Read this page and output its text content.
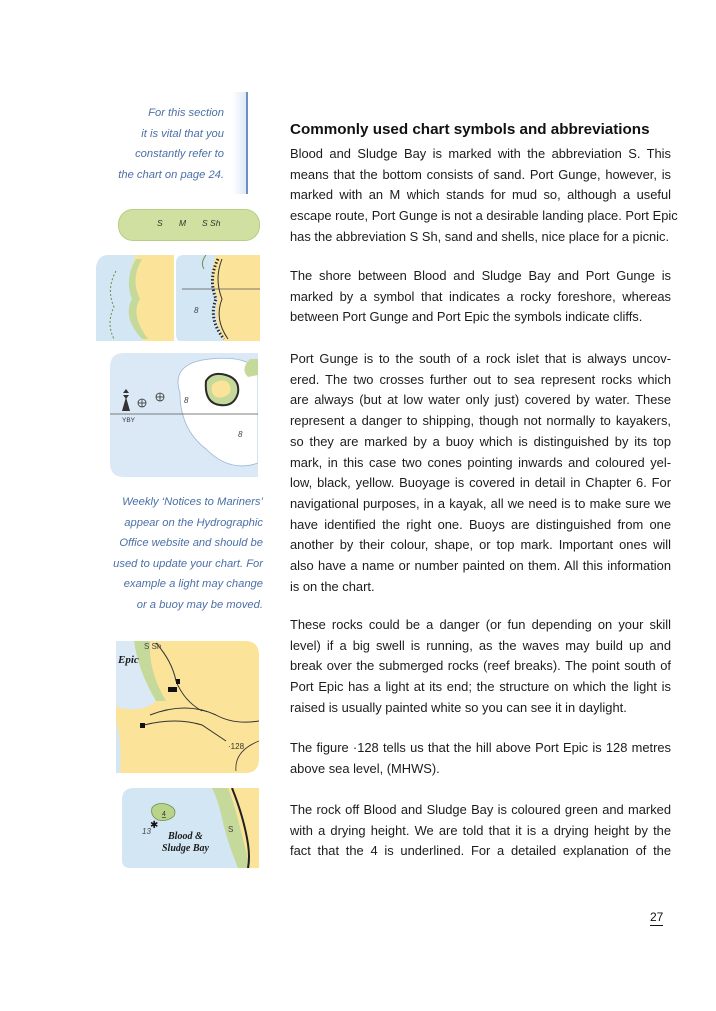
For this section
it is vital that you
constantly refer to
the chart on page 24.
S M S Sh
8
YBY
8
8
Weekly ‘Notices to Mariners’
appear on the Hydrographic
Office website and should be
used to update your chart. For
example a light may change
or a buoy may be moved.
S Sh
Epic
·128
4
✱
13	S
Blood &
Sludge Bay
Commonly used chart symbols and abbreviations

Blood and Sludge Bay is marked with the abbreviation S. This
means that the bottom consists of sand. Port Gunge, however, is
marked with an M which stands for mud so, although a useful
escape route, Port Gunge is not a desirable landing place. Port Epic
has the abbreviation S Sh, sand and shells, nice place for a picnic.

The shore between Blood and Sludge Bay and Port Gunge is
marked by a symbol that indicates a rocky foreshore, whereas
between Port Gunge and Port Epic the symbols indicate cliffs.

Port Gunge is to the south of a rock islet that is always uncov-
ered. The two crosses further out to sea represent rocks which
are always (but at low water only just) covered by water. These
represent a danger to shipping, though not normally to kayakers,
so they are marked by a buoy which is distinguished by its top
mark, in this case two cones pointing inwards and coloured yel-
low, black, yellow. Buoyage is covered in detail in Chapter 6. For
navigational purposes, in a kayak, all we need is to make sure we
have identified the right one. Buoys are distinguished from one
another by their colour, shape, or top mark. Important ones will
also have a name or number painted on them. All this information
is on the chart.

These rocks could be a danger (or fun depending on your skill
level) if a big swell is running, as the waves may build up and
break over the submerged rocks (reef breaks). The point south of
Port Epic has a light at its end; the structure on which the light is
raised is usually painted white so you can see it in daylight.

The figure ·128 tells us that the hill above Port Epic is 128 metres
above sea level, (MHWS).

The rock off Blood and Sludge Bay is coloured green and marked
with a drying height. We are told that it is a drying height by the
fact that the 4 is underlined. For a detailed explanation of the

27
